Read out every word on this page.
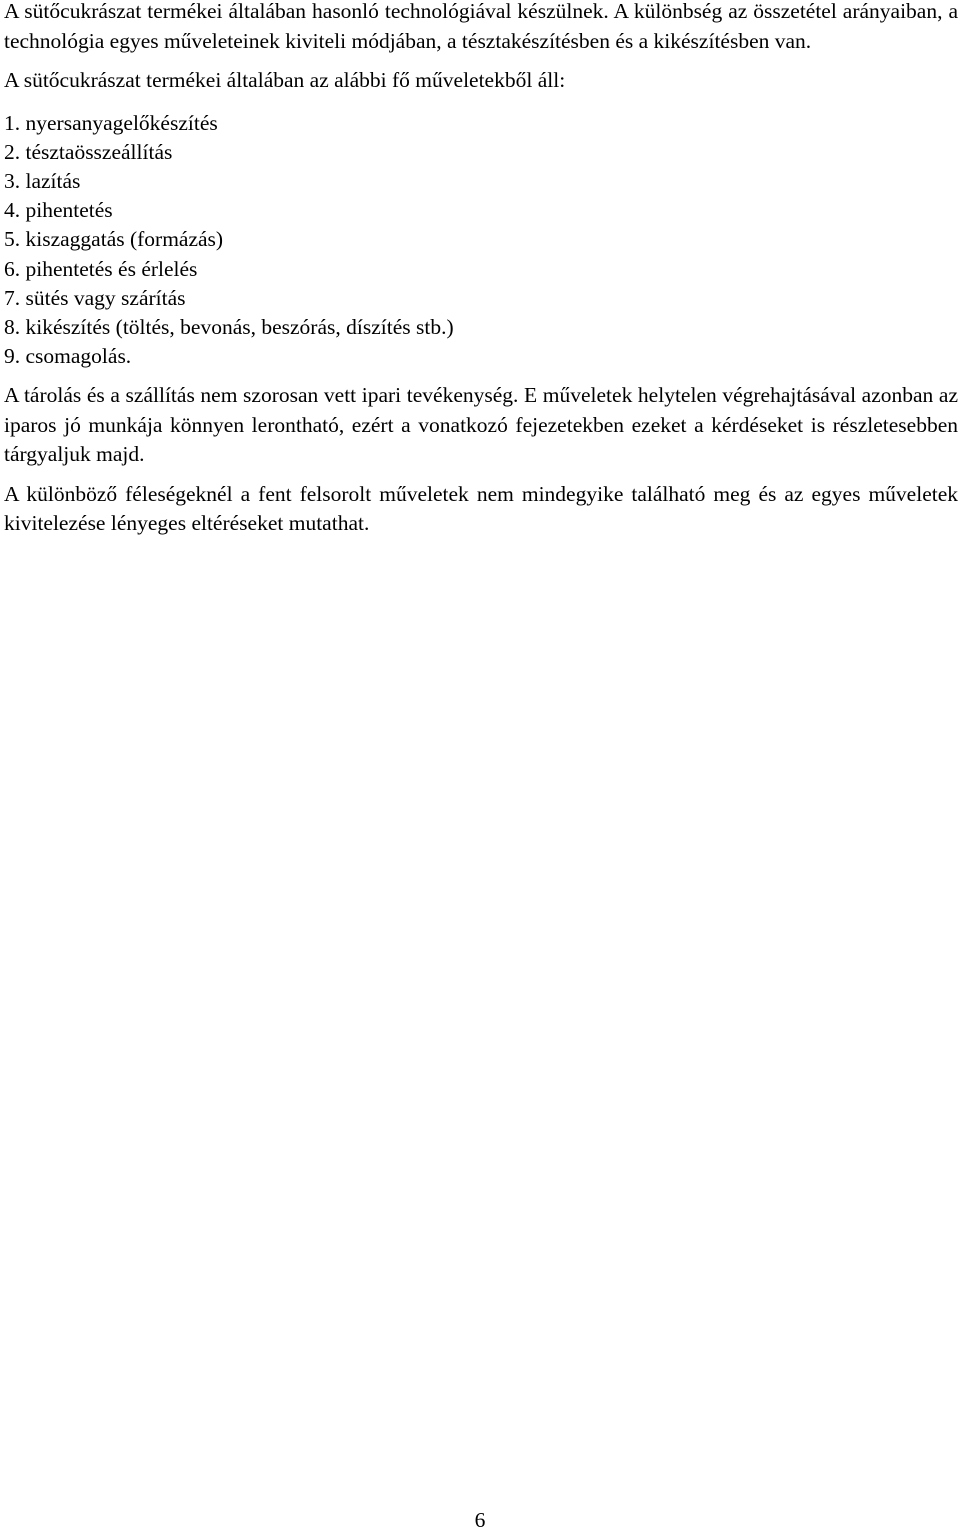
A sütőcukrászat termékei általában hasonló technológiával készülnek. A különbség az összetétel arányaiban, a technológia egyes műveleteinek kiviteli módjában, a tésztakészítésben és a kikészítésben van.

A sütőcukrászat termékei általában az alábbi fő műveletekből áll:

1. nyersanyagelőkészítés
2. tésztaösszeállítás
3. lazítás
4. pihentetés
5. kiszaggatás (formázás)
6. pihentetés és érlelés
7. sütés vagy szárítás
8. kikészítés (töltés, bevonás, beszórás, díszítés stb.)
9. csomagolás.

A tárolás és a szállítás nem szorosan vett ipari tevékenység. E műveletek helytelen végrehajtásával azonban az iparos jó munkája könnyen lerontható, ezért a vonatkozó fejezetekben ezeket a kérdéseket is részletesebben tárgyaljuk majd.

A különböző féleségeknél a fent felsorolt műveletek nem mindegyike található meg és az egyes műveletek kivitelezése lényeges eltéréseket mutathat.

6
